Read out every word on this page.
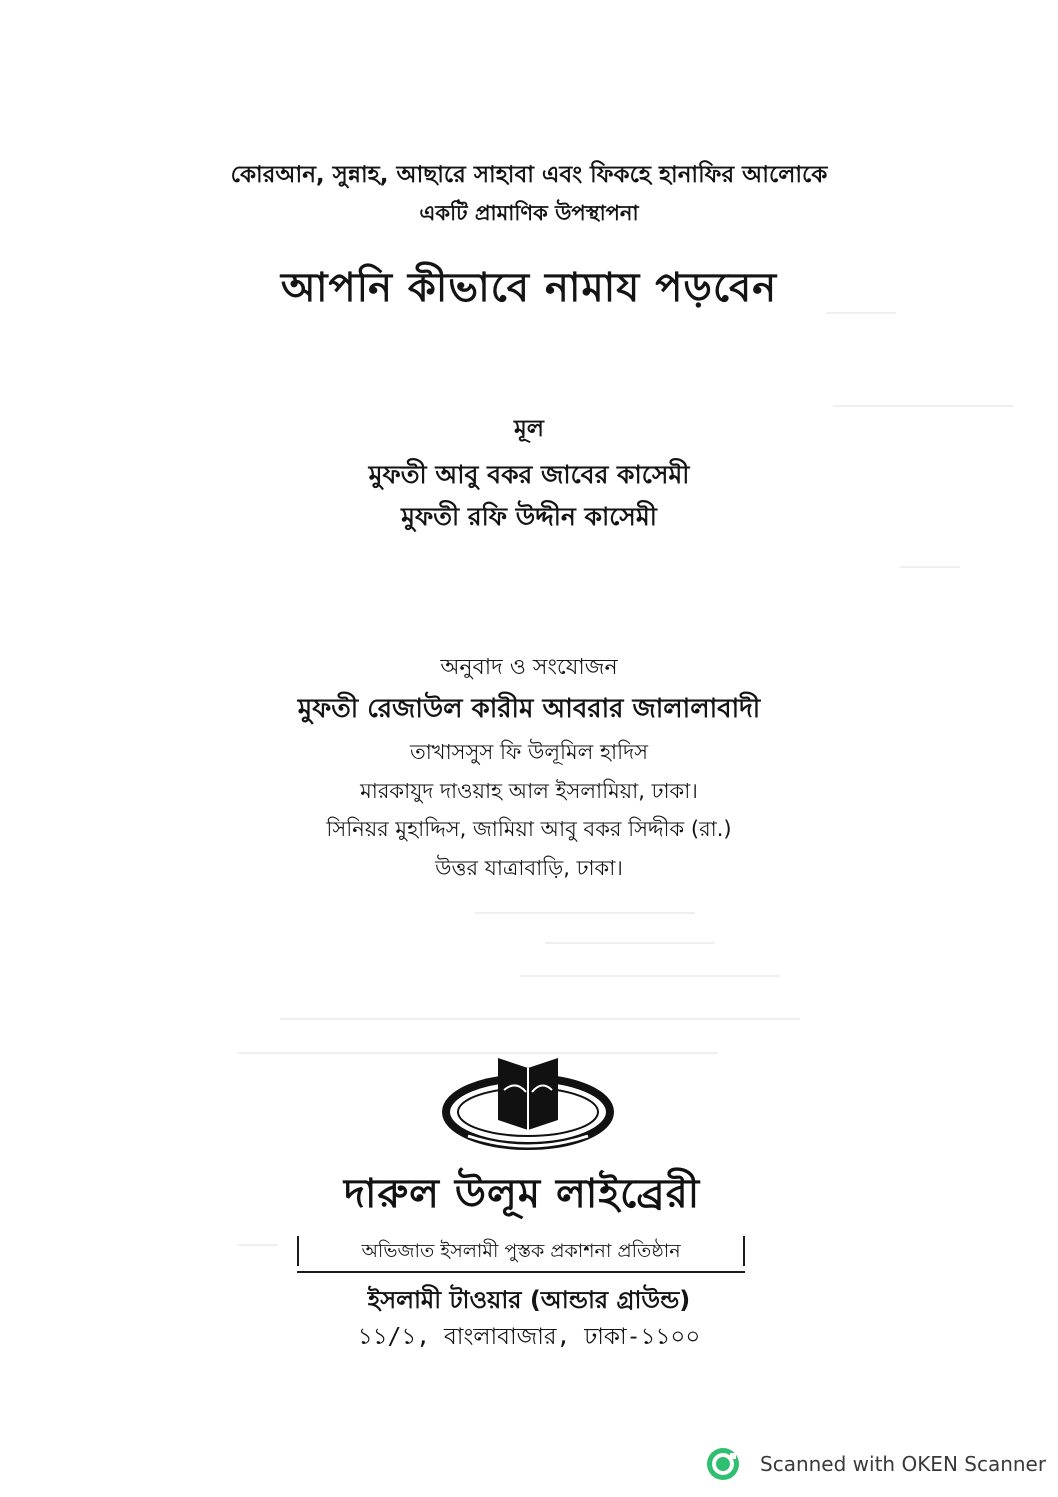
কোরআন, সুন্নাহ, আছারে সাহাবা এবং ফিকহে হানাফির আলোকে
একটি প্রামাণিক উপস্থাপনা
আপনি কীভাবে নামায পড়বেন
মূল
মুফতী আবু বকর জাবের কাসেমী
মুফতী রফি উদ্দীন কাসেমী
অনুবাদ ও সংযোজন
মুফতী রেজাউল কারীম আবরার জালালাবাদী
তাখাসসুস ফি উলূমিল হাদিস
মারকাযুদ দাওয়াহ আল ইসলামিয়া, ঢাকা।
সিনিয়র মুহাদ্দিস, জামিয়া আবু বকর সিদ্দীক (রা.)
উত্তর যাত্রাবাড়ি, ঢাকা।
দারুল উলূম লাইব্রেরী
অভিজাত ইসলামী পুস্তক প্রকাশনা প্রতিষ্ঠান
ইসলামী টাওয়ার (আন্ডার গ্রাউন্ড)
১১/১, বাংলাবাজার, ঢাকা-১১০০
Scanned with OKEN Scanner
